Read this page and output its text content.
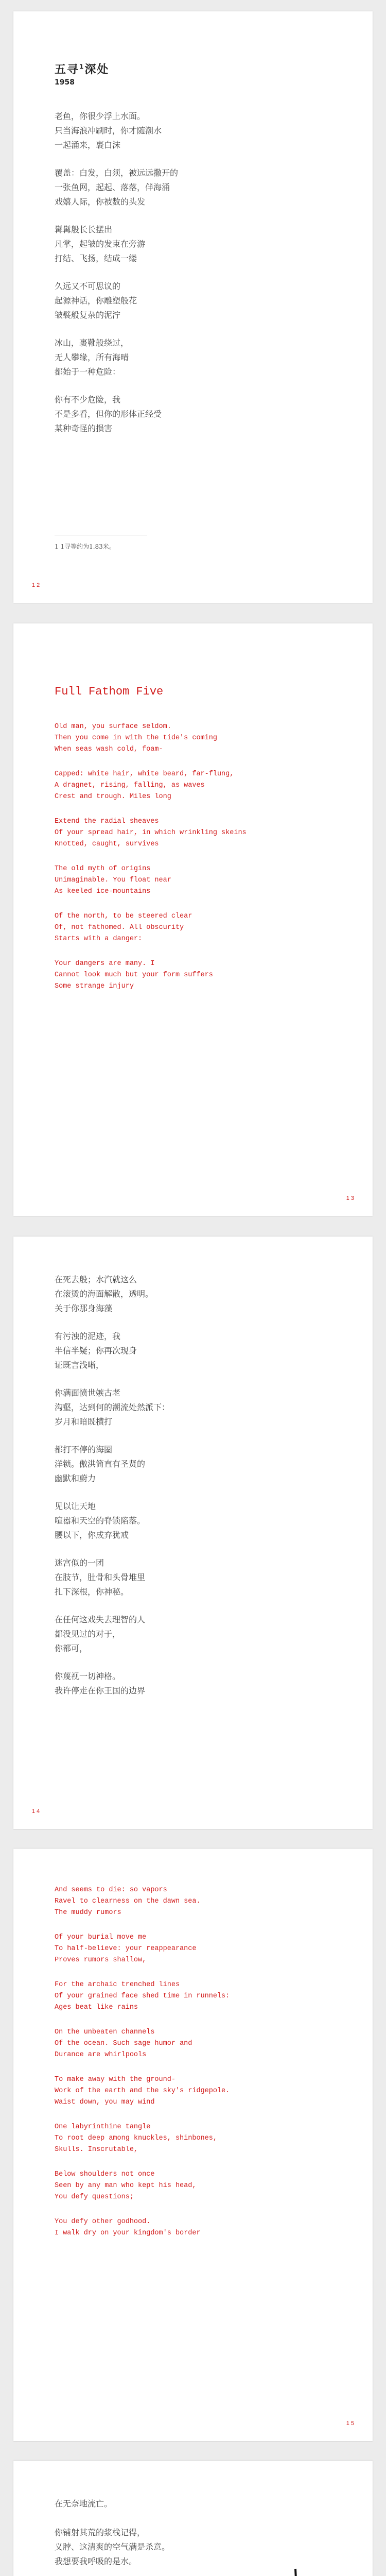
五寻$^1$深处
1958
老鱼，你很少浮上水面。
只当海浪冲刷时，你才随潮水
一起涌来，裹白沫
覆盖：白发，白须，被远远撒开的
一张鱼网，起起、落落，伴海涌
戏嬉人际，你被数的头发
髯髯般长长摆出
凡掌，起皱的发束在旁游
打结、飞扬，结成一缕
久远又不可思议的
起源神话，你雕塑般花
皱襞般复杂的泥泞
冰山，裹靴般绕过，
无人攀缘，所有海晴
都始于一种危险：
你有不少危险，我
不是多看，但你的形体正经受
某种奇怪的损害
1 1寻等约为1.83米。
1 2
Full Fathom Five
Old man, you surface seldom.
Then you come in with the tide's coming
When seas wash cold, foam-
Capped: white hair, white beard, far-flung,
A dragnet, rising, falling, as waves
Crest and trough. Miles long
Extend the radial sheaves
Of your spread hair, in which wrinkling skeins
Knotted, caught, survives
The old myth of origins
Unimaginable. You float near
As keeled ice-mountains
Of the north, to be steered clear
Of, not fathomed. All obscurity
Starts with a danger:
Your dangers are many. I
Cannot look much but your form suffers
Some strange injury
1 3
在死去般；水汽就这么
在滚烫的海面解散，透明。
关于你那身海藻
有污浊的泥迹，我
半信半疑；你再次现身
证既言浅晰，
你满面愤世嫉古老
沟壑，达到何的潮流处然派下：
岁月和暗既横打
都打不停的海圈
洋锁。傲洪简直有圣贤的
幽默和蔚力
见以让天地
喧嚣和天空的脊锁陷落。
腰以下，你成弃犹戒
迷宫似的一团
在肢节，肚骨和头骨堆里
扎下深根，你神秘。
在任何这戏失去理智的人
都没见过的对于，
你都可，
你蔑视一切神格。
我许停走在你王国的边界
1 4
And seems to die: so vapors
Ravel to clearness on the dawn sea.
The muddy rumors
Of your burial move me
To half-believe: your reappearance
Proves rumors shallow,
For the archaic trenched lines
Of your grained face shed time in runnels:
Ages beat like rains
On the unbeaten channels
Of the ocean. Such sage humor and
Durance are whirlpools
To make away with the ground-
Work of the earth and the sky's ridgepole.
Waist down, you may wind
One labyrinthine tangle
To root deep among knuckles, shinbones,
Skulls. Inscrutable,
Below shoulders not once
Seen by any man who kept his head,
You defy questions;
You defy other godhood.
I walk dry on your kingdom's border
1 5
在无奈地流亡。
你铺射其荒的浆栈记得，
义脖、这清爽的空气满是杀意。
我想要我呼吸的是水。
